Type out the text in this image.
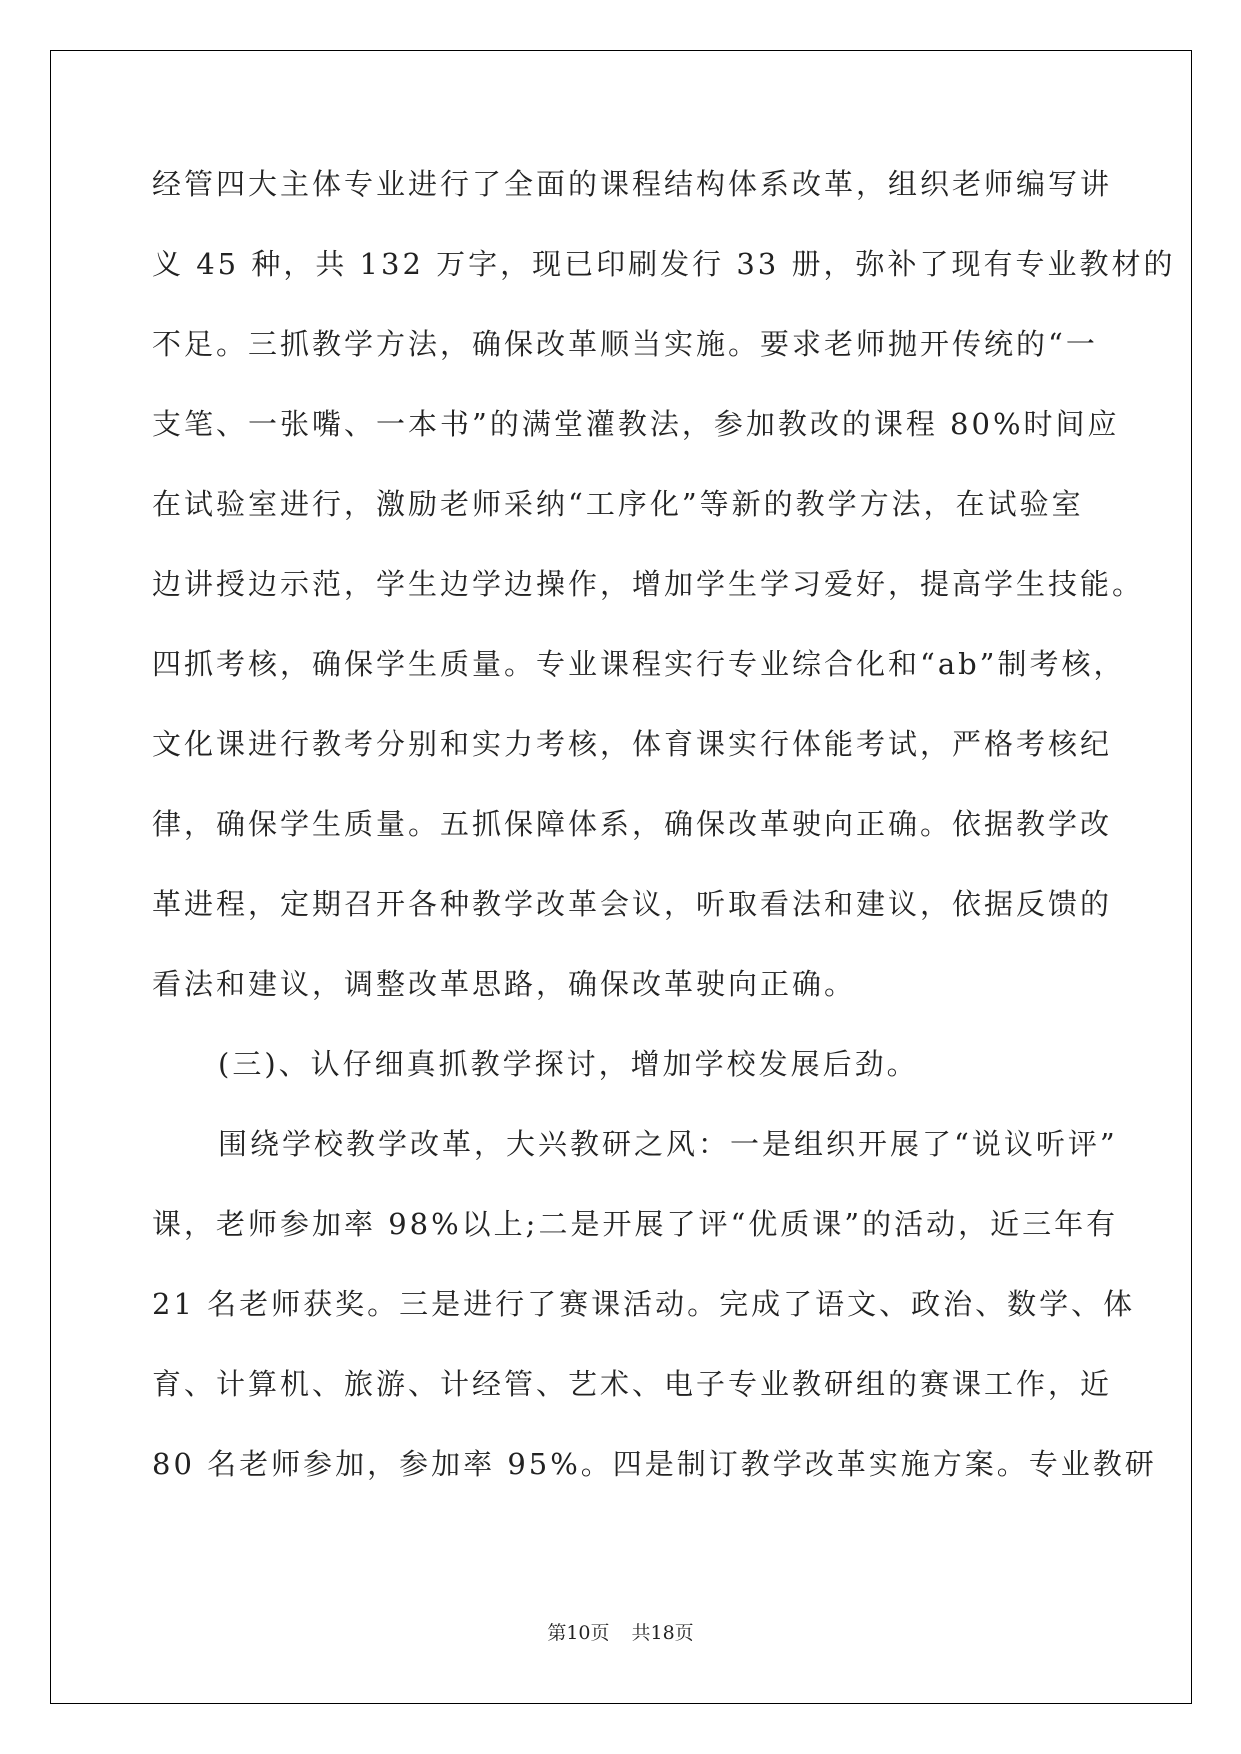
经管四大主体专业进行了全面的课程结构体系改革，组织老师编写讲
义 45 种，共 132 万字，现已印刷发行 33 册，弥补了现有专业教材的
不足。三抓教学方法，确保改革顺当实施。要求老师抛开传统的“一
支笔、一张嘴、一本书”的满堂灌教法，参加教改的课程 80%时间应
在试验室进行，激励老师采纳“工序化”等新的教学方法，在试验室
边讲授边示范，学生边学边操作，增加学生学习爱好，提高学生技能。
四抓考核，确保学生质量。专业课程实行专业综合化和“ab”制考核，
文化课进行教考分别和实力考核，体育课实行体能考试，严格考核纪
律，确保学生质量。五抓保障体系，确保改革驶向正确。依据教学改
革进程，定期召开各种教学改革会议，听取看法和建议，依据反馈的
看法和建议，调整改革思路，确保改革驶向正确。
(三)、认仔细真抓教学探讨，增加学校发展后劲。
围绕学校教学改革，大兴教研之风：一是组织开展了“说议听评”
课，老师参加率 98%以上;二是开展了评“优质课”的活动，近三年有
21 名老师获奖。三是进行了赛课活动。完成了语文、政治、数学、体
育、计算机、旅游、计经管、艺术、电子专业教研组的赛课工作，近
80 名老师参加，参加率 95%。四是制订教学改革实施方案。专业教研
第10页 共18页
